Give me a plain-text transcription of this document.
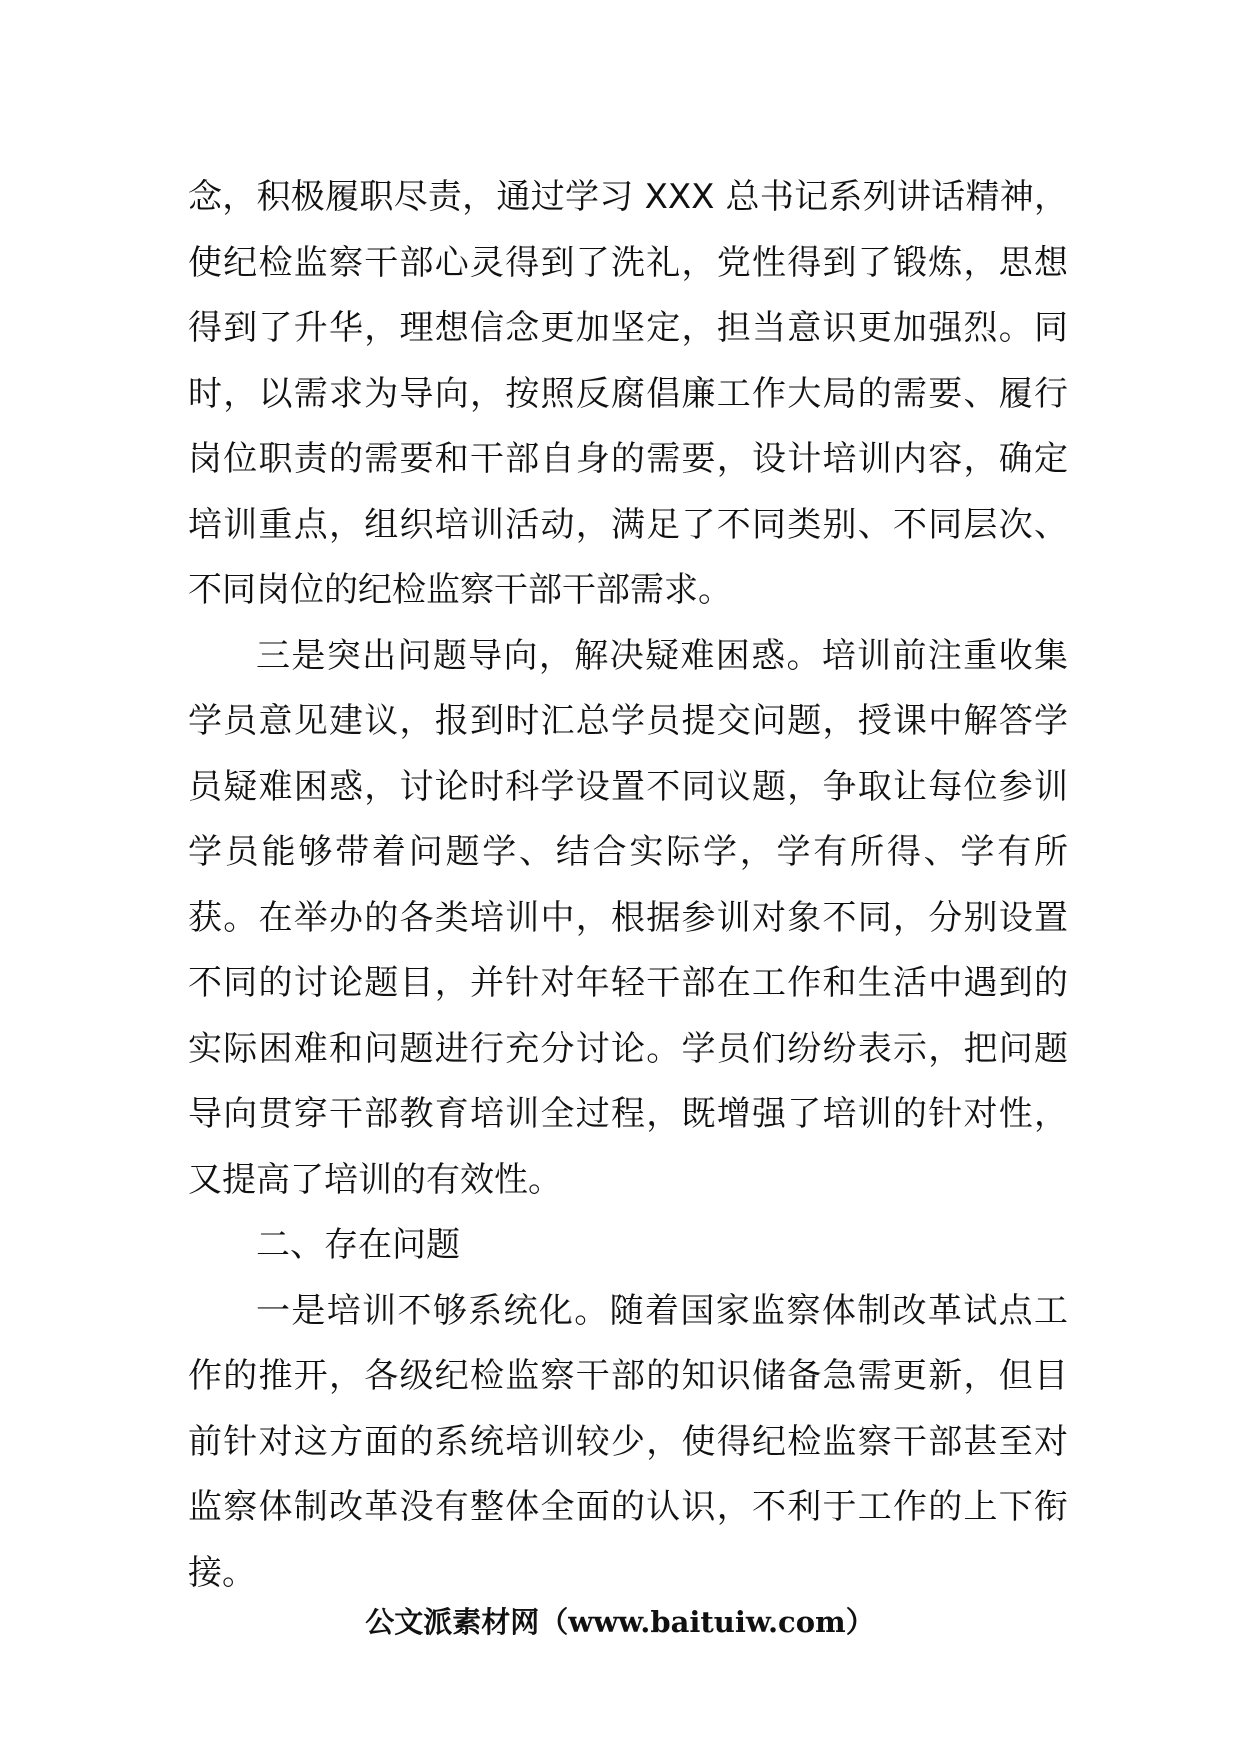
念，积极履职尽责，通过学习 XXX 总书记系列讲话精神，
使纪检监察干部心灵得到了洗礼，党性得到了锻炼，思想
得到了升华，理想信念更加坚定，担当意识更加强烈。同
时，以需求为导向，按照反腐倡廉工作大局的需要、履行
岗位职责的需要和干部自身的需要，设计培训内容，确定
培训重点，组织培训活动，满足了不同类别、不同层次、
不同岗位的纪检监察干部干部需求。
三是突出问题导向，解决疑难困惑。培训前注重收集
学员意见建议，报到时汇总学员提交问题，授课中解答学
员疑难困惑，讨论时科学设置不同议题，争取让每位参训
学员能够带着问题学、结合实际学，学有所得、学有所
获。在举办的各类培训中，根据参训对象不同，分别设置
不同的讨论题目，并针对年轻干部在工作和生活中遇到的
实际困难和问题进行充分讨论。学员们纷纷表示，把问题
导向贯穿干部教育培训全过程，既增强了培训的针对性，
又提高了培训的有效性。
二、存在问题
一是培训不够系统化。随着国家监察体制改革试点工
作的推开，各级纪检监察干部的知识储备急需更新，但目
前针对这方面的系统培训较少，使得纪检监察干部甚至对
监察体制改革没有整体全面的认识，不利于工作的上下衔
接。
公文派素材网（www.baituiw.com）
